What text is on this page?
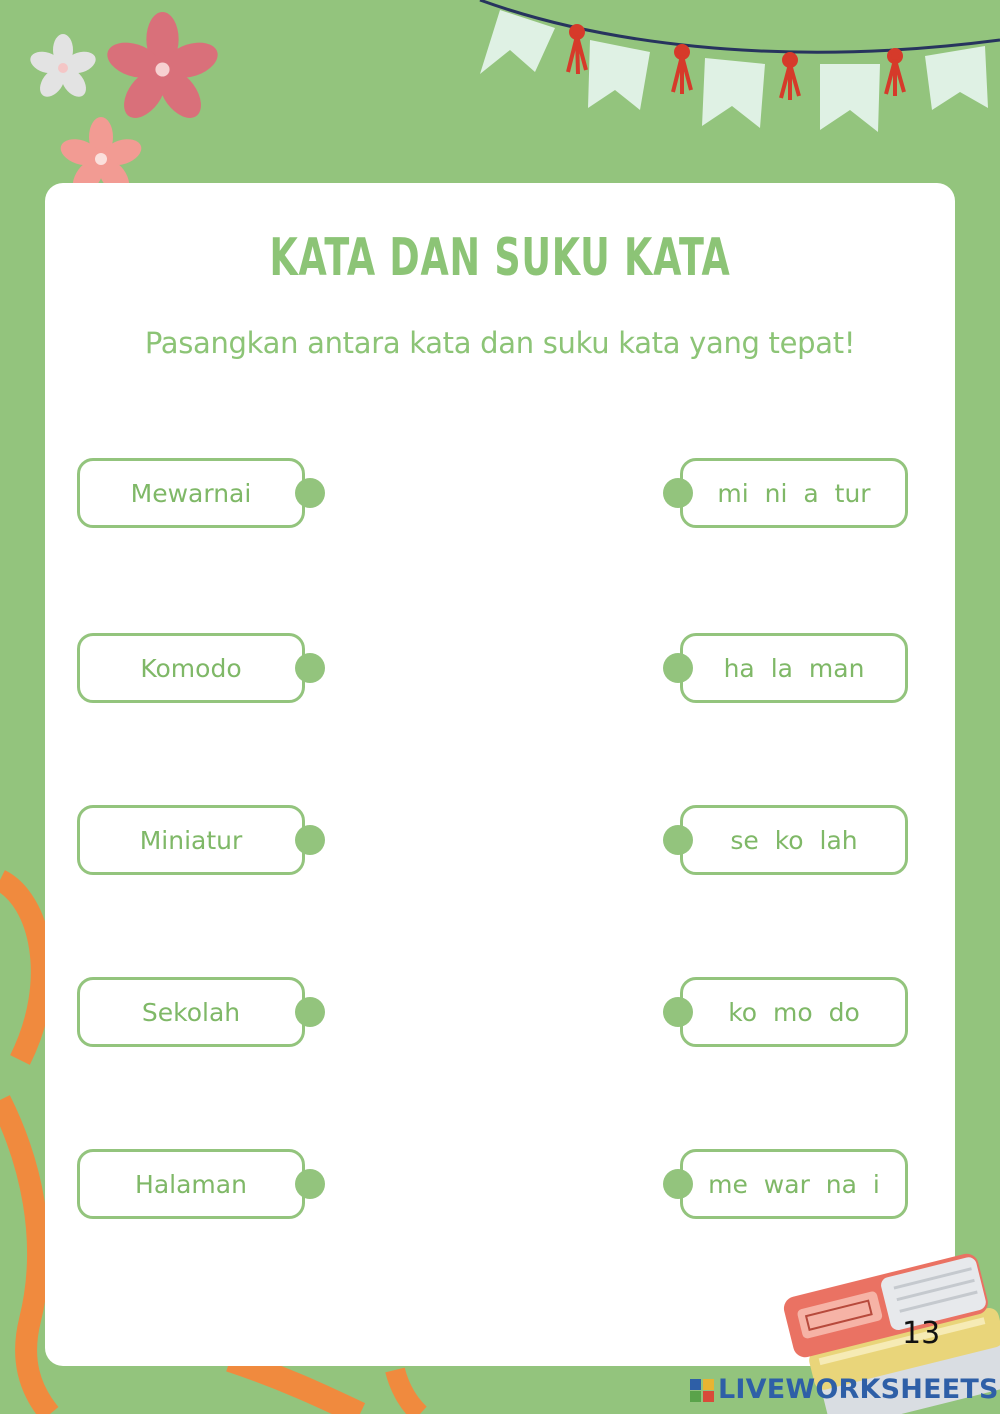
KATA DAN SUKU KATA
Pasangkan antara kata dan suku kata yang tepat!
Mewarnai
Komodo
Miniatur
Sekolah
Halaman
mi ni a tur
ha la man
se ko lah
ko mo do
me war na i
13
LIVEWORKSHEETS
